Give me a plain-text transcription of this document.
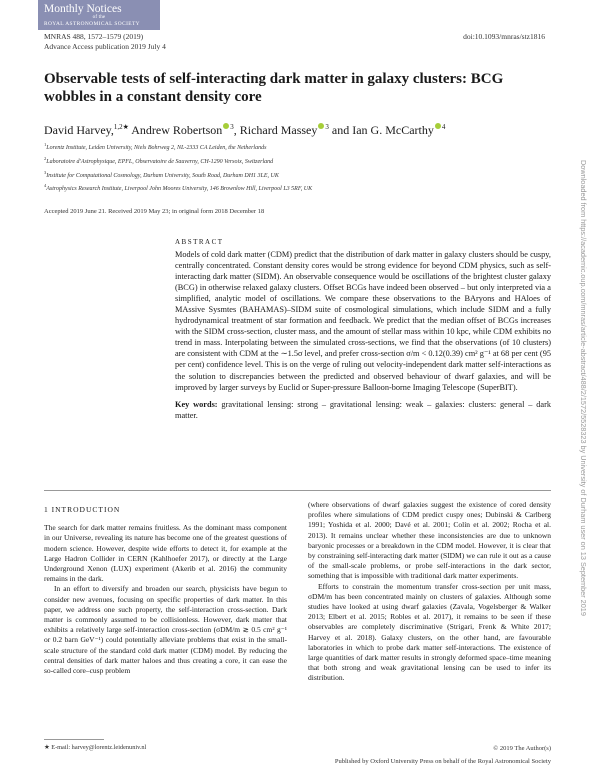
Monthly Notices
of the
ROYAL ASTRONOMICAL SOCIETY
MNRAS 488, 1572–1579 (2019)
Advance Access publication 2019 July 4
doi:10.1093/mnras/stz1816
Observable tests of self-interacting dark matter in galaxy clusters: BCG wobbles in a constant density core
David Harvey,$^{1,2★}$ Andrew Robertson $^3$, Richard Massey $^3$ and Ian G. McCarthy $^4$
$^1$Lorentz Institute, Leiden University, Niels Bohrweg 2, NL-2333 CA Leiden, the Netherlands
$^2$Laboratoire d'Astrophysique, EPFL, Observatoire de Sauverny, CH-1290 Versoix, Switzerland
$^3$Institute for Computational Cosmology, Durham University, South Road, Durham DH1 3LE, UK
$^4$Astrophysics Research Institute, Liverpool John Moores University, 146 Brownlow Hill, Liverpool L3 5RF, UK
Accepted 2019 June 21. Received 2019 May 23; in original form 2018 December 18
ABSTRACT

Models of cold dark matter (CDM) predict that the distribution of dark matter in galaxy clusters should be cuspy, centrally concentrated. Constant density cores would be strong evidence for beyond CDM physics, such as self-interacting dark matter (SIDM). An observable consequence would be oscillations of the brightest cluster galaxy (BCG) in otherwise relaxed galaxy clusters. Offset BCGs have indeed been observed – but only interpreted via a simplified, analytic model of oscillations. We compare these observations to the BAryons and HAloes of MAssive Sysmtes (BAHAMAS)–SIDM suite of cosmological simulations, which include SIDM and a fully hydrodynamical treatment of star formation and feedback. We predict that the median offset of BCGs increases with the SIDM cross-section, cluster mass, and the amount of stellar mass within 10 kpc, while CDM exhibits no trend in mass. Interpolating between the simulated cross-sections, we find that the observations (of 10 clusters) are consistent with CDM at the ∼1.5σ level, and prefer cross-section σ/m < 0.12(0.39) cm² g⁻¹ at 68 per cent (95 per cent) confidence level. This is on the verge of ruling out velocity-independent dark matter self-interactions as the solution to discrepancies between the predicted and observed behaviour of dwarf galaxies, and will be improved by larger surveys by Euclid or Super-pressure Balloon-borne Imaging Telescope (SuperBIT).

Key words: gravitational lensing: strong – gravitational lensing: weak – galaxies: clusters: general – dark matter.

1 INTRODUCTION

The search for dark matter remains fruitless. As the dominant mass component in our Universe, revealing its nature has become one of the greatest questions of modern science. However, despite wide efforts to detect it, for example at the Large Hadron Collider in CERN (Kahlhoefer 2017), or directly at the Large Underground Xenon (LUX) experiment (Akerib et al. 2016) the community remains in the dark.

In an effort to diversify and broaden our search, physicists have begun to consider new avenues, focusing on specific properties of dark matter. In this paper, we address one such property, the self-interaction cross-section. Dark matter is commonly assumed to be collisionless. However, dark matter that exhibits a relatively large self-interaction cross-section (σDM/m ≳ 0.5 cm² g⁻¹ or 0.2 barn GeV⁻¹) could potentially alleviate problems that exist in the small-scale structure of the standard cold dark matter (CDM) model. By reducing the central densities of dark matter haloes and thus creating a core, it can ease the so-called core–cusp problem

(where observations of dwarf galaxies suggest the existence of cored density profiles where simulations of CDM predict cuspy ones; Dubinski & Carlberg 1991; Yoshida et al. 2000; Davé et al. 2001; Colín et al. 2002; Rocha et al. 2013). It remains unclear whether these inconsistencies are due to unknown baryonic processes or a breakdown in the CDM model. However, it is clear that by constraining self-interacting dark matter (SIDM) we can rule it out as a cause of the small-scale problems, or probe self-interactions in the dark sector, something that is impossible with traditional dark matter experiments.

Efforts to constrain the momentum transfer cross-section per unit mass, σDM/m has been concentrated mainly on clusters of galaxies. Although some studies have looked at using dwarf galaxies (Zavala, Vogelsberger & Walker 2013; Elbert et al. 2015; Robles et al. 2017), it remains to be seen if these observables are completely discriminative (Strigari, Frenk & White 2017; Harvey et al. 2018). Galaxy clusters, on the other hand, are favourable laboratories in which to probe dark matter self-interactions. The existence of large quantities of dark matter results in strongly deformed space–time meaning that both strong and weak gravitational lensing can be used to infer its distribution.

★ E-mail: harvey@lorentz.leidenuniv.nl	© 2019 The Author(s)
Published by Oxford University Press on behalf of the Royal Astronomical Society
Downloaded from https://academic.oup.com/mnras/article-abstract/488/2/1572/5528323 by University of Durham user on 13 September 2019
